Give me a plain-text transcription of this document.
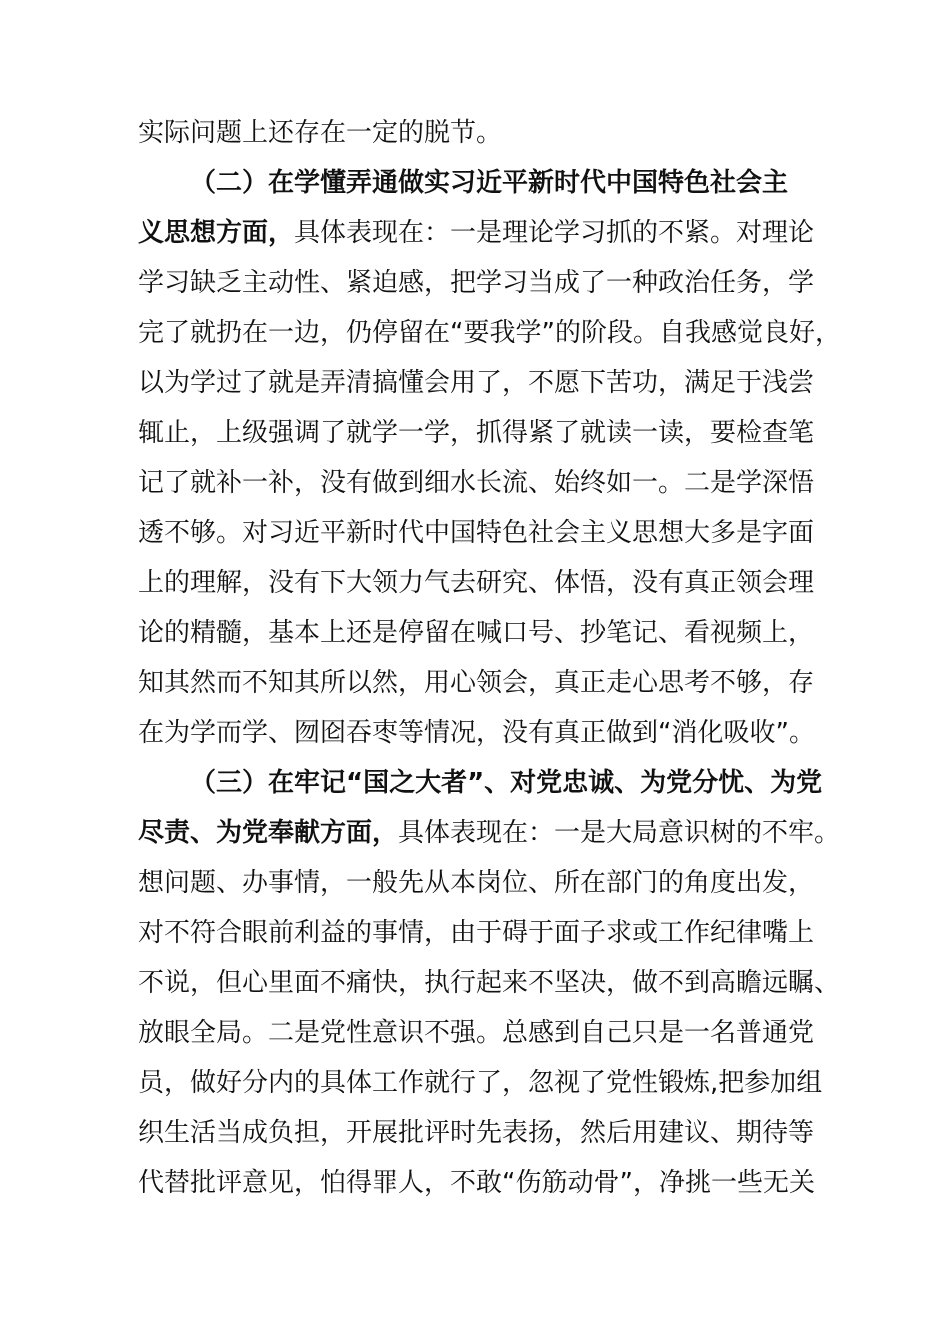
实际问题上还存在一定的脱节。
（二）在学懂弄通做实习近平新时代中国特色社会主
义思想方面，具体表现在：一是理论学习抓的不紧。对理论
学习缺乏主动性、紧迫感，把学习当成了一种政治任务，学
完了就扔在一边，仍停留在“要我学”的阶段。自我感觉良好，
以为学过了就是弄清搞懂会用了，不愿下苦功，满足于浅尝
辄止，上级强调了就学一学，抓得紧了就读一读，要检查笔
记了就补一补，没有做到细水长流、始终如一。二是学深悟
透不够。对习近平新时代中国特色社会主义思想大多是字面
上的理解，没有下大领力气去研究、体悟，没有真正领会理
论的精髓，基本上还是停留在喊口号、抄笔记、看视频上，
知其然而不知其所以然，用心领会，真正走心思考不够，存
在为学而学、囫囵吞枣等情况，没有真正做到“消化吸收”。
（三）在牢记“国之大者”、对党忠诚、为党分忧、为党
尽责、为党奉献方面，具体表现在：一是大局意识树的不牢。
想问题、办事情，一般先从本岗位、所在部门的角度出发，
对不符合眼前利益的事情，由于碍于面子求或工作纪律嘴上
不说，但心里面不痛快，执行起来不坚决，做不到高瞻远瞩、
放眼全局。二是党性意识不强。总感到自己只是一名普通党
员，做好分内的具体工作就行了，忽视了党性锻炼,把参加组
织生活当成负担，开展批评时先表扬，然后用建议、期待等
代替批评意见，怕得罪人，不敢“伤筋动骨”，净挑一些无关
